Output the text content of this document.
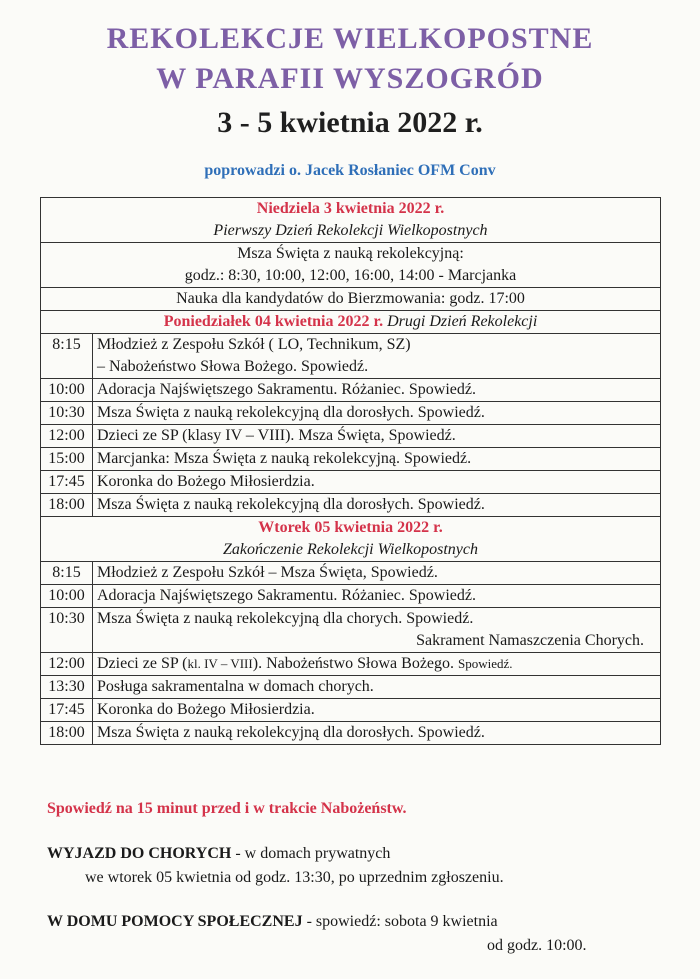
REKOLEKCJE WIELKOPOSTNE
W PARAFII WYSZOGRÓD
3 - 5 kwietnia 2022 r.
poprowadzi o. Jacek Rosłaniec OFM Conv
Niedziela 3 kwietnia 2022 r.
Pierwszy Dzień Rekolekcji Wielkopostnych	

Msza Święta z nauką rekolekcyjną:
godz.: 8:30, 10:00, 12:00, 16:00, 14:00 - Marcjanka	

Nauka dla kandydatów do Bierzmowania: godz. 17:00	
Poniedziałek 04 kwietnia 2022 r. Drugi Dzień Rekolekcji	
8:15	Młodzież z Zespołu Szkół ( LO, Technikum, SZ)
– Nabożeństwo Słowa Bożego. Spowiedź.

10:00	Adoracja Najświętszego Sakramentu. Różaniec. Spowiedź.
10:30	Msza Święta z nauką rekolekcyjną dla dorosłych. Spowiedź.
12:00	Dzieci ze SP (klasy IV – VIII). Msza Święta, Spowiedź.
15:00	Marcjanka: Msza Święta z nauką rekolekcyjną. Spowiedź.
17:45	Koronka do Bożego Miłosierdzia.
18:00	Msza Święta z nauką rekolekcyjną dla dorosłych. Spowiedź.

Wtorek 05 kwietnia 2022 r.
Zakończenie Rekolekcji Wielkopostnych	

8:15	Młodzież z Zespołu Szkół – Msza Święta, Spowiedź.
10:00	Adoracja Najświętszego Sakramentu. Różaniec. Spowiedź.
10:30	Msza Święta z nauką rekolekcyjną dla chorych. Spowiedź.
Sakrament Namaszczenia Chorych.

12:00	Dzieci ze SP (kl. IV – VIII). Nabożeństwo Słowa Bożego. Spowiedź.
13:30	Posługa sakramentalna w domach chorych.
17:45	Koronka do Bożego Miłosierdzia.
18:00	Msza Święta z nauką rekolekcyjną dla dorosłych. Spowiedź.
Spowiedź na 15 minut przed i w trakcie Nabożeństw.
WYJAZD DO CHORYCH - w domach prywatnych
we wtorek 05 kwietnia od godz. 13:30, po uprzednim zgłoszeniu.
W DOMU POMOCY SPOŁECZNEJ - spowiedź: sobota 9 kwietnia
od godz. 10:00.
